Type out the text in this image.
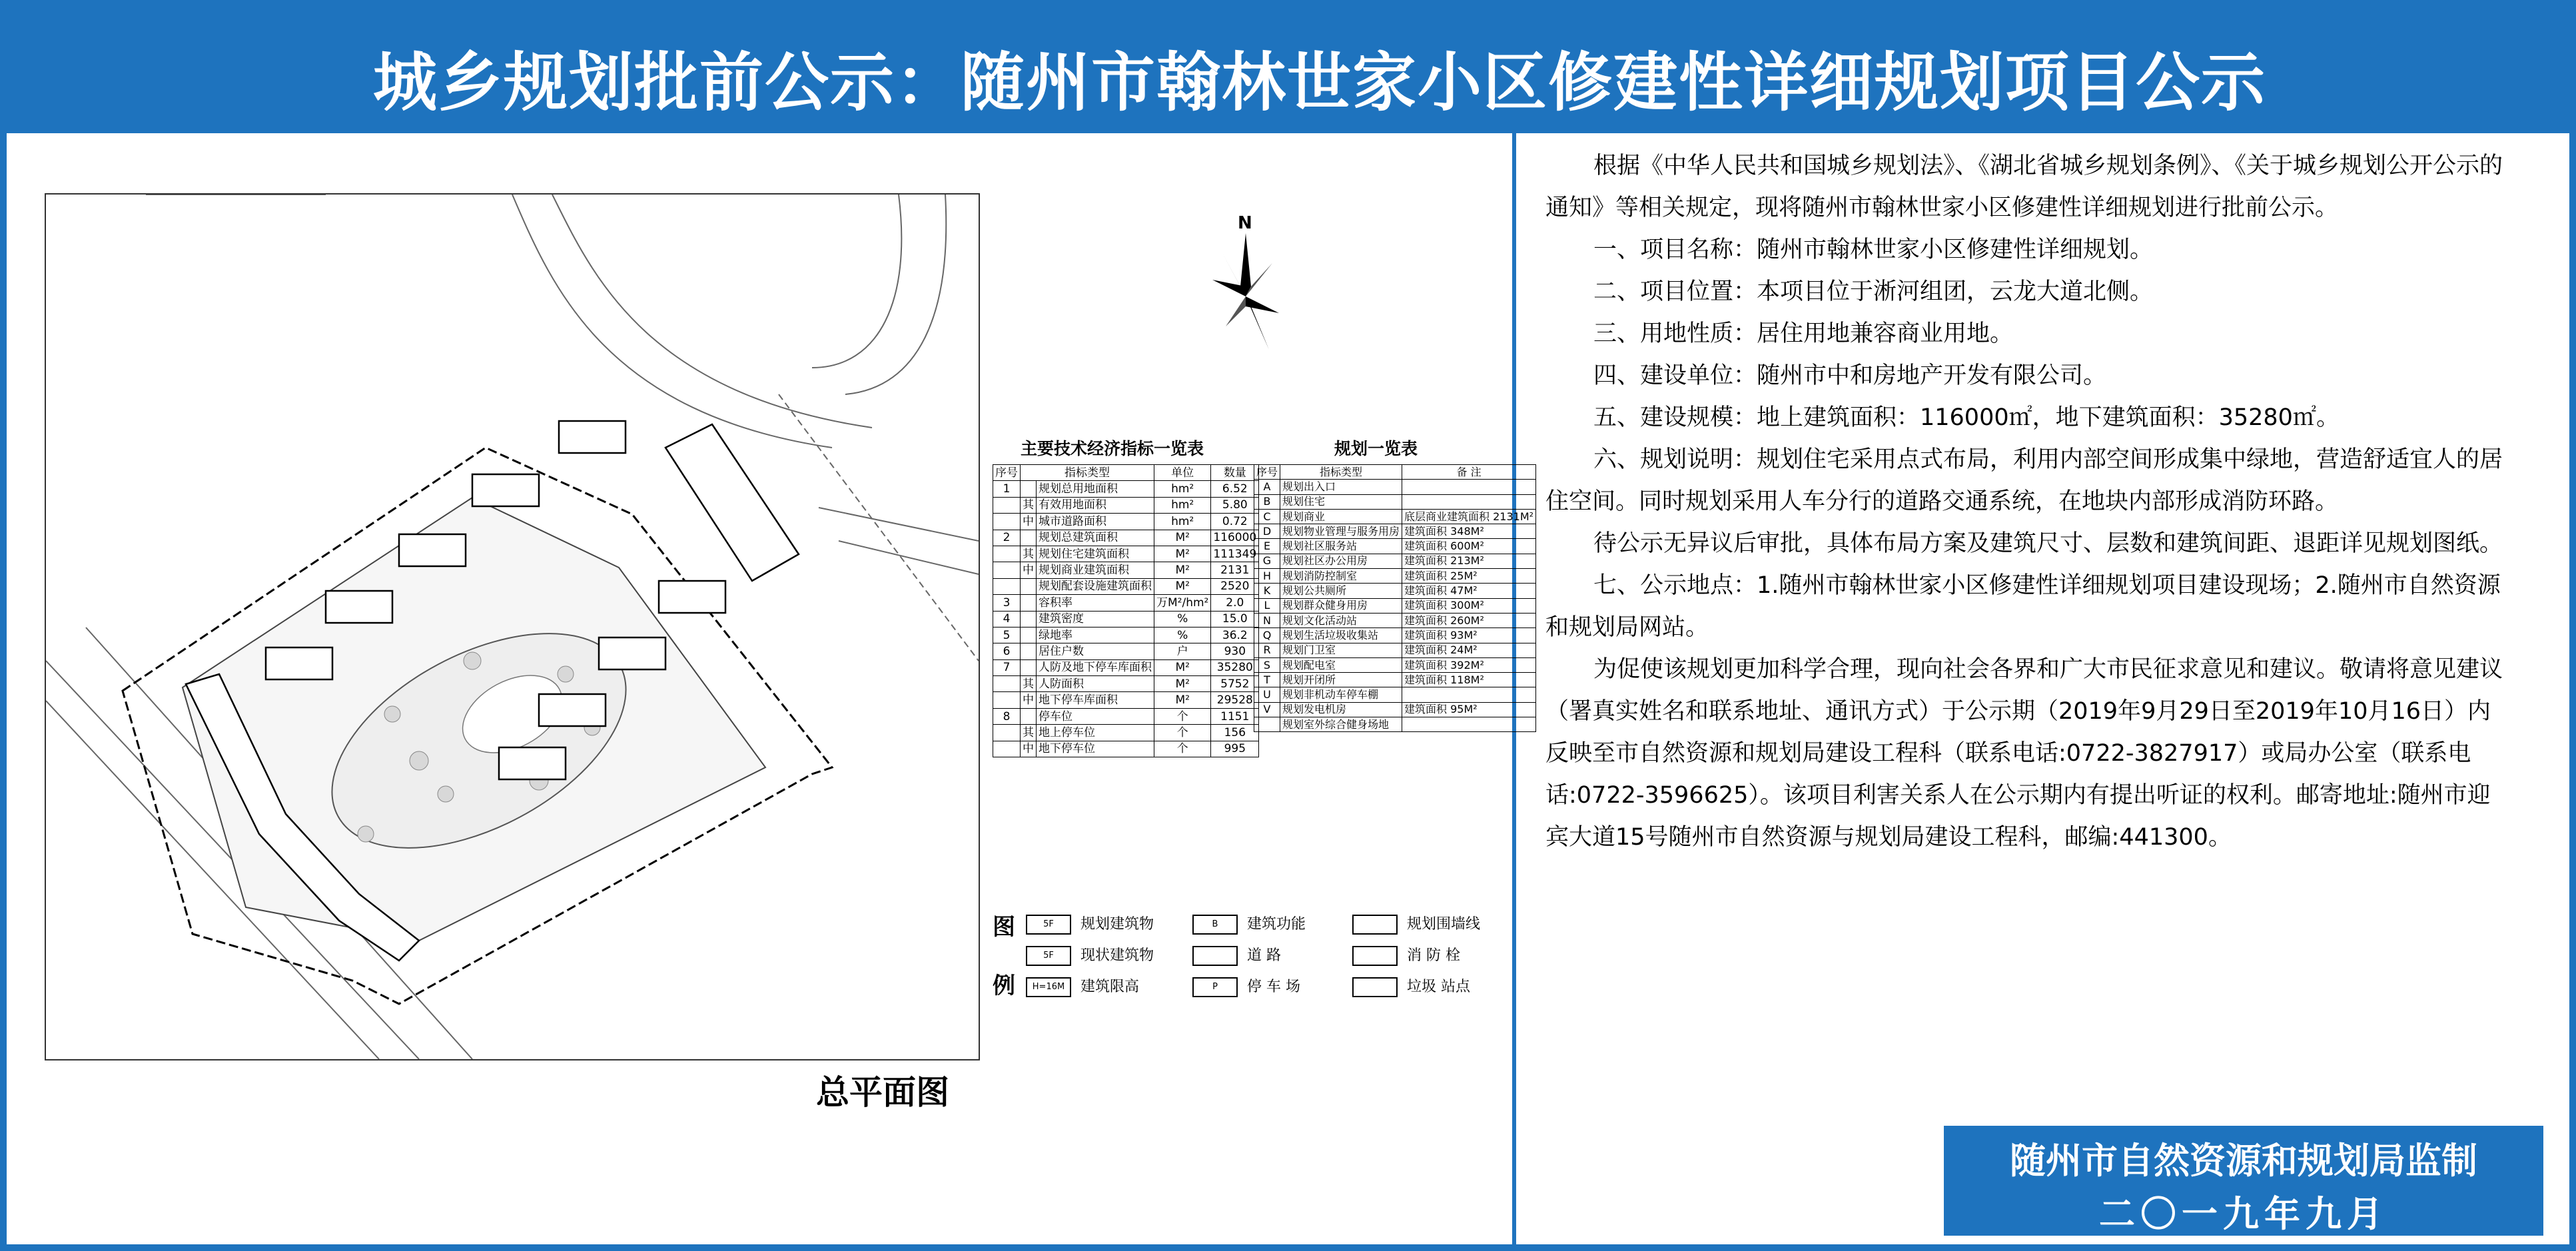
城乡规划批前公示：随州市翰林世家小区修建性详细规划项目公示
N
总平面图
主要技术经济指标一览表
序号	指标类型		单位	数量
1		规划总用地面积	hm²	6.52
	其	有效用地面积	hm²	5.80
	中	城市道路面积	hm²	0.72
2		规划总建筑面积	M²	116000
	其	规划住宅建筑面积	M²	111349
	中	规划商业建筑面积	M²	2131
		规划配套设施建筑面积	M²	2520
3		容积率	万M²/hm²	2.0
4		建筑密度	%	15.0
5		绿地率	%	36.2
6		居住户数	户	930
7		人防及地下停车库面积	M²	35280
	其	人防面积	M²	5752
	中	地下停车库面积	M²	29528
8		停车位	个	1151
	其	地上停车位	个	156
	中	地下停车位	个	995
规划一览表
序号	指标类型	备 注
A	规划出入口	
B	规划住宅	
C	规划商业	底层商业建筑面积 2131M²
D	规划物业管理与服务用房	建筑面积 348M²
E	规划社区服务站	建筑面积 600M²
G	规划社区办公用房	建筑面积 213M²
H	规划消防控制室	建筑面积 25M²
K	规划公共厕所	建筑面积 47M²
L	规划群众健身用房	建筑面积 300M²
N	规划文化活动站	建筑面积 260M²
Q	规划生活垃圾收集站	建筑面积 93M²
R	规划门卫室	建筑面积 24M²
S	规划配电室	建筑面积 392M²
T	规划开闭所	建筑面积 118M²
U	规划非机动车停车棚	
V	规划发电机房	建筑面积 95M²
	规划室外综合健身场地	
图
例
5F 规划建筑物	B 建筑功能	规划围墙线
5F 现状建筑物	道 路	消 防 栓
H=16M 建筑限高	P 停 车 场	垃圾 站点

根据《中华人民共和国城乡规划法》、《湖北省城乡规划条例》、《关于城乡规划公开公示的通知》等相关规定，现将随州市翰林世家小区修建性详细规划进行批前公示。

一、项目名称：随州市翰林世家小区修建性详细规划。

二、项目位置：本项目位于淅河组团，云龙大道北侧。

三、用地性质：居住用地兼容商业用地。

四、建设单位：随州市中和房地产开发有限公司。

五、建设规模：地上建筑面积：116000㎡，地下建筑面积：35280㎡。

六、规划说明：规划住宅采用点式布局，利用内部空间形成集中绿地，营造舒适宜人的居住空间。同时规划采用人车分行的道路交通系统，在地块内部形成消防环路。

待公示无异议后审批，具体布局方案及建筑尺寸、层数和建筑间距、退距详见规划图纸。

七、公示地点：1.随州市翰林世家小区修建性详细规划项目建设现场；2.随州市自然资源和规划局网站。

为促使该规划更加科学合理，现向社会各界和广大市民征求意见和建议。敬请将意见建议（署真实姓名和联系地址、通讯方式）于公示期（2019年9月29日至2019年10月16日）内反映至市自然资源和规划局建设工程科（联系电话:0722-3827917）或局办公室（联系电话:0722-3596625）。该项目利害关系人在公示期内有提出听证的权利。邮寄地址:随州市迎宾大道15号随州市自然资源与规划局建设工程科，邮编:441300。

随州市自然资源和规划局监制
二〇一九年九月
